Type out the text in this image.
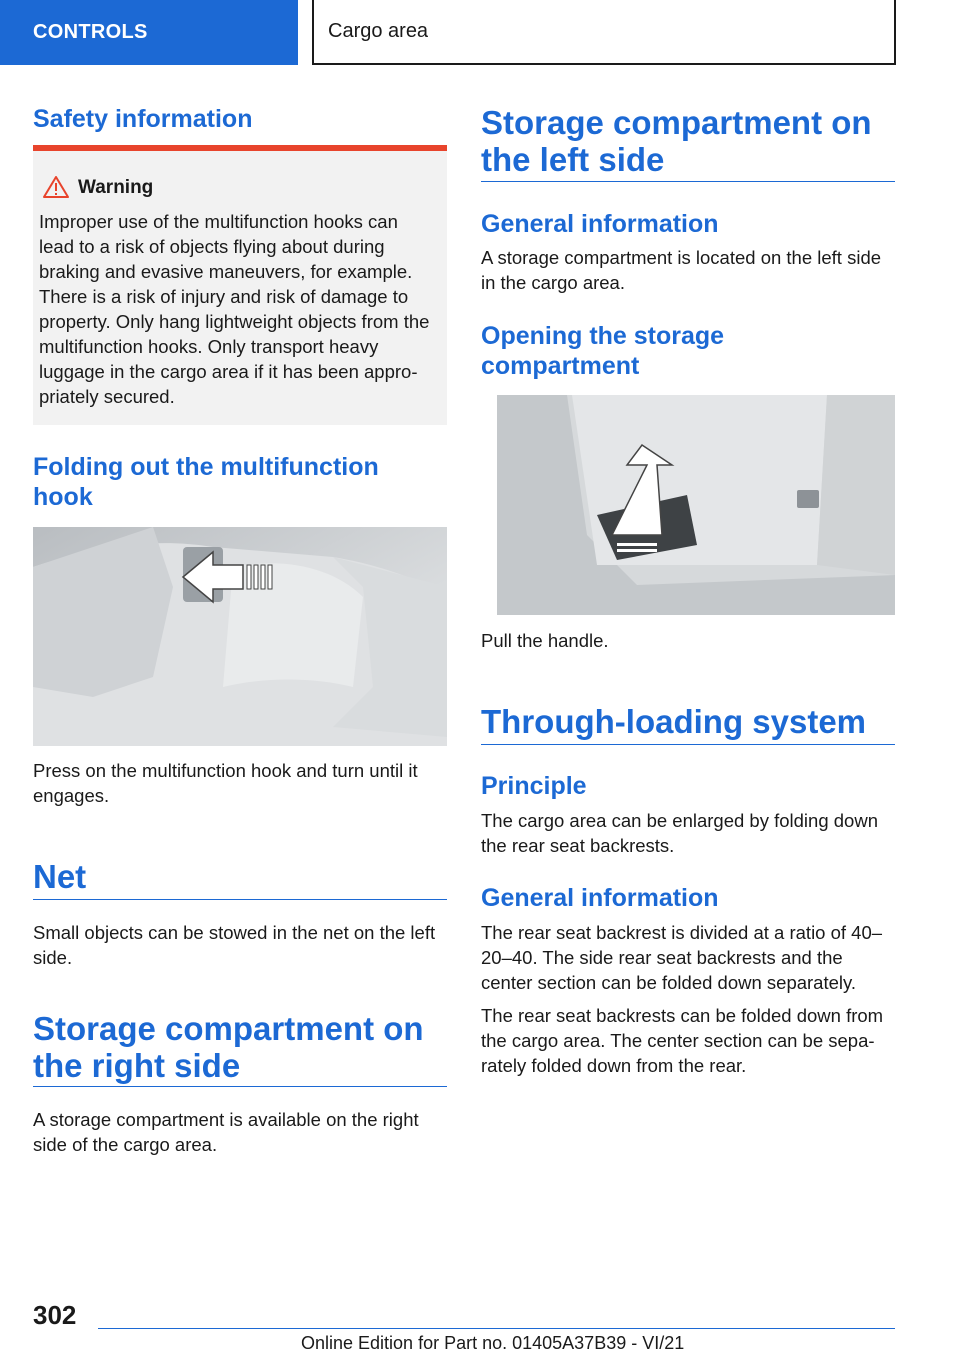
CONTROLS	Cargo area
Safety information
Warning
Improper use of the multifunction hooks can lead to a risk of objects flying about during braking and evasive maneuvers, for example. There is a risk of injury and risk of damage to property. Only hang lightweight objects from the multifunction hooks. Only transport heavy luggage in the cargo area if it has been appro-priately secured.
Folding out the multifunction hook

Press on the multifunction hook and turn until it engages.

Net

Small objects can be stowed in the net on the left side.

Storage compartment on the right side

A storage compartment is available on the right side of the cargo area.

Storage compartment on the left side
General information

A storage compartment is located on the left side in the cargo area.

Opening the storage compartment

Pull the handle.

Through-loading system
Principle

The cargo area can be enlarged by folding down the rear seat backrests.

General information

The rear seat backrest is divided at a ratio of 40–20–40. The side rear seat backrests and the center section can be folded down separately.

The rear seat backrests can be folded down from the cargo area. The center section can be sepa-rately folded down from the rear.

302
Online Edition for Part no. 01405A37B39 - VI/21
